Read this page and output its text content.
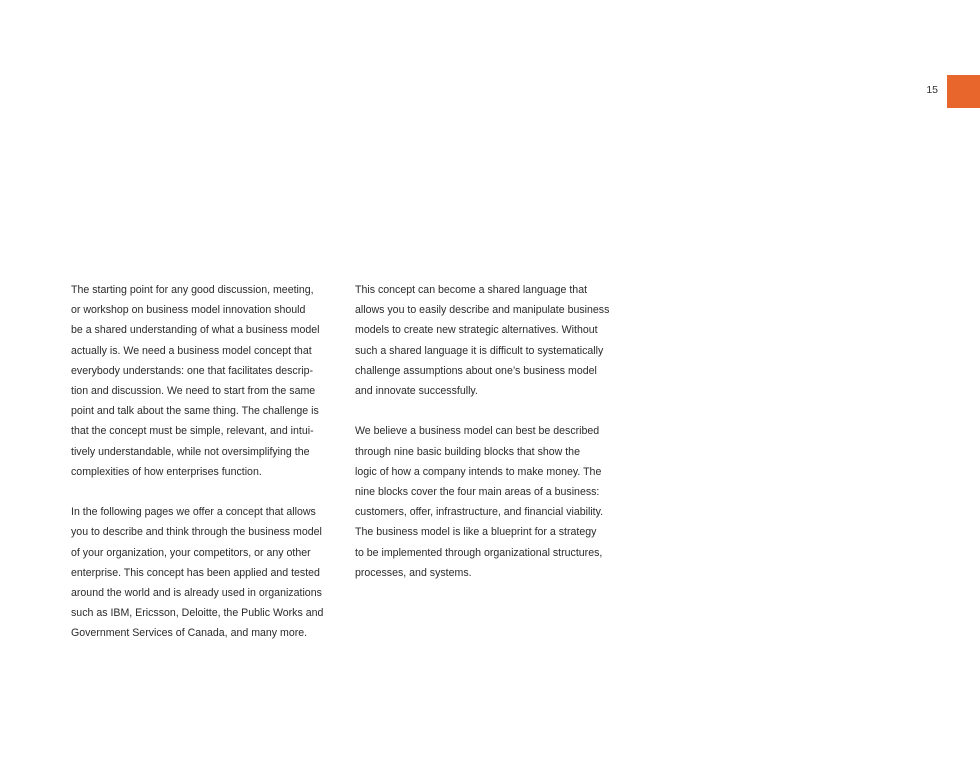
15

The starting point for any good discussion, meeting,
or workshop on business model innovation should
be a shared understanding of what a business model
actually is. We need a business model concept that
everybody understands: one that facilitates descrip-
tion and discussion. We need to start from the same
point and talk about the same thing. The challenge is
that the concept must be simple, relevant, and intui-
tively understandable, while not oversimplifying the
complexities of how enterprises function.

In the following pages we offer a concept that allows
you to describe and think through the business model
of your organization, your competitors, or any other
enterprise. This concept has been applied and tested
around the world and is already used in organizations
such as IBM, Ericsson, Deloitte, the Public Works and
Government Services of Canada, and many more.

This concept can become a shared language that
allows you to easily describe and manipulate business
models to create new strategic alternatives. Without
such a shared language it is difficult to systematically
challenge assumptions about one’s business model
and innovate successfully.

We believe a business model can best be described
through nine basic building blocks that show the
logic of how a company intends to make money. The
nine blocks cover the four main areas of a business:
customers, offer, infrastructure, and financial viability.
The business model is like a blueprint for a strategy
to be implemented through organizational structures,
processes, and systems.
